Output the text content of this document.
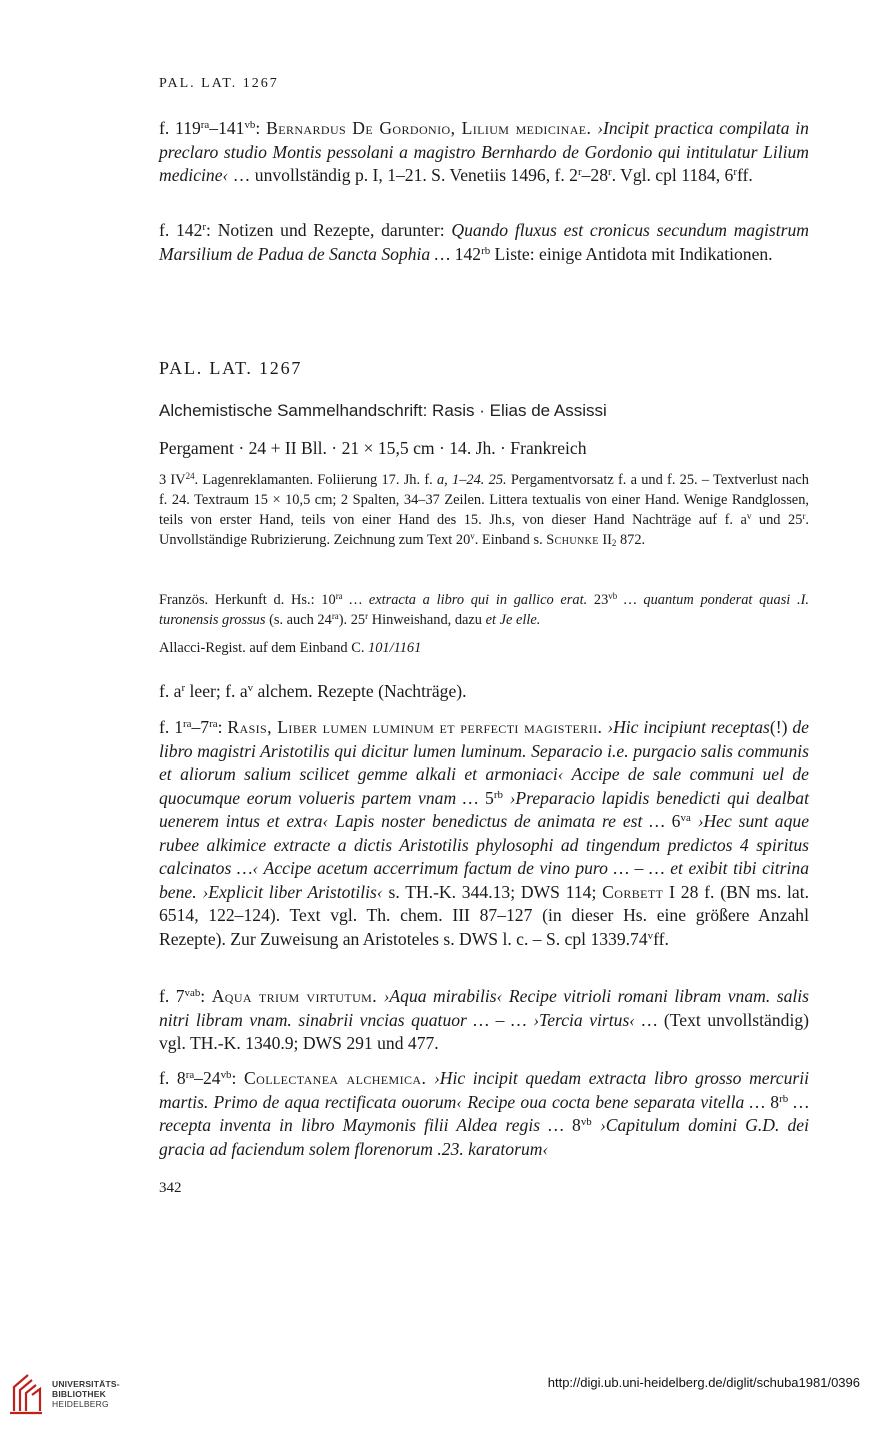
PAL. LAT. 1267

f. $119^{ra}-141^{vb}$: Bernardus De Gordonio, Lilium medicinae. ›Incipit practica compilata in preclaro studio Montis pessolani a magistro Bernhardo de Gordonio qui intitulatur Lilium medicine‹ … unvollständig p. I, 1–21. S. Venetiis 1496, f. 2$^r$–28$^r$. Vgl. cpl 1184, 6$^r$ff.

f. 142$^r$: Notizen und Rezepte, darunter: Quando fluxus est cronicus secundum magistrum Marsilium de Padua de Sancta Sophia … $142^{rb}$ Liste: einige Antidota mit Indikationen.

PAL. LAT. 1267

Alchemistische Sammelhandschrift: Rasis · Elias de Assissi

Pergament · 24 + II Bll. · 21 × 15,5 cm · 14. Jh. · Frankreich

3 IV$^{24}$. Lagenreklamanten. Foliierung 17. Jh. f. a, 1–24. 25. Pergamentvorsatz f. a und f. 25. – Textverlust nach f. 24. Textraum 15 × 10,5 cm; 2 Spalten, 34–37 Zeilen. Littera textualis von einer Hand. Wenige Randglossen, teils von erster Hand, teils von einer Hand des 15. Jh.s, von dieser Hand Nachträge auf f. $a^v$ und 25$^r$. Unvollständige Rubrizierung. Zeichnung zum Text 20$^v$. Einband s. Schunke $II_2$ 872.

Französ. Herkunft d. Hs.: $10^{ra}$ … extracta a libro qui in gallico erat. $23^{vb}$ … quantum ponderat quasi .I. turonensis grossus (s. auch $24^{ra}$). 25$^r$ Hinweishand, dazu et Je elle.

Allacci-Regist. auf dem Einband C. 101/1161

f. $a^r$ leer; f. $a^v$ alchem. Rezepte (Nachträge).

f. $1^{ra}-7^{ra}$: Rasis, Liber lumen luminum et perfecti magisterii. ›Hic incipiunt receptas(!) de libro magistri Aristotilis qui dicitur lumen luminum. Separacio i.e. purgacio salis communis et aliorum salium scilicet gemme alkali et armoniaci‹ Accipe de sale communi uel de quocumque eorum volueris partem vnam … $5^{rb}$ ›Preparacio lapidis benedicti qui dealbat uenerem intus et extra‹ Lapis noster benedictus de animata re est … $6^{va}$ ›Hec sunt aque rubee alkimice extracte a dictis Aristotilis phylosophi ad tingendum predictos 4 spiritus calcinatos …‹ Accipe acetum accerrimum factum de vino puro … – … et exibit tibi citrina bene. ›Explicit liber Aristotilis‹ s. TH.-K. 344.13; DWS 114; Corbett I 28 f. (BN ms. lat. 6514, 122–124). Text vgl. Th. chem. III 87–127 (in dieser Hs. eine größere Anzahl Rezepte). Zur Zuweisung an Aristoteles s. DWS l. c. – S. cpl 1339.74$^v$ff.

f. $7^{vab}$: Aqua trium virtutum. ›Aqua mirabilis‹ Recipe vitrioli romani libram vnam. salis nitri libram vnam. sinabrii vncias quatuor … – … ›Tercia virtus‹ … (Text unvollständig) vgl. TH.-K. 1340.9; DWS 291 und 477.

f. $8^{ra}-24^{vb}$: Collectanea alchemica. ›Hic incipit quedam extracta libro grosso mercurii martis. Primo de aqua rectificata ouorum‹ Recipe oua cocta bene separata vitella … $8^{rb}$ … recepta inventa in libro Maymonis filii Aldea regis … $8^{vb}$ ›Capitulum domini G.D. dei gracia ad faciendum solem florenorum .23. karatorum‹

342

UNIVERSITÄTS-
BIBLIOTHEK
HEIDELBERG
http://digi.ub.uni-heidelberg.de/diglit/schuba1981/0396
